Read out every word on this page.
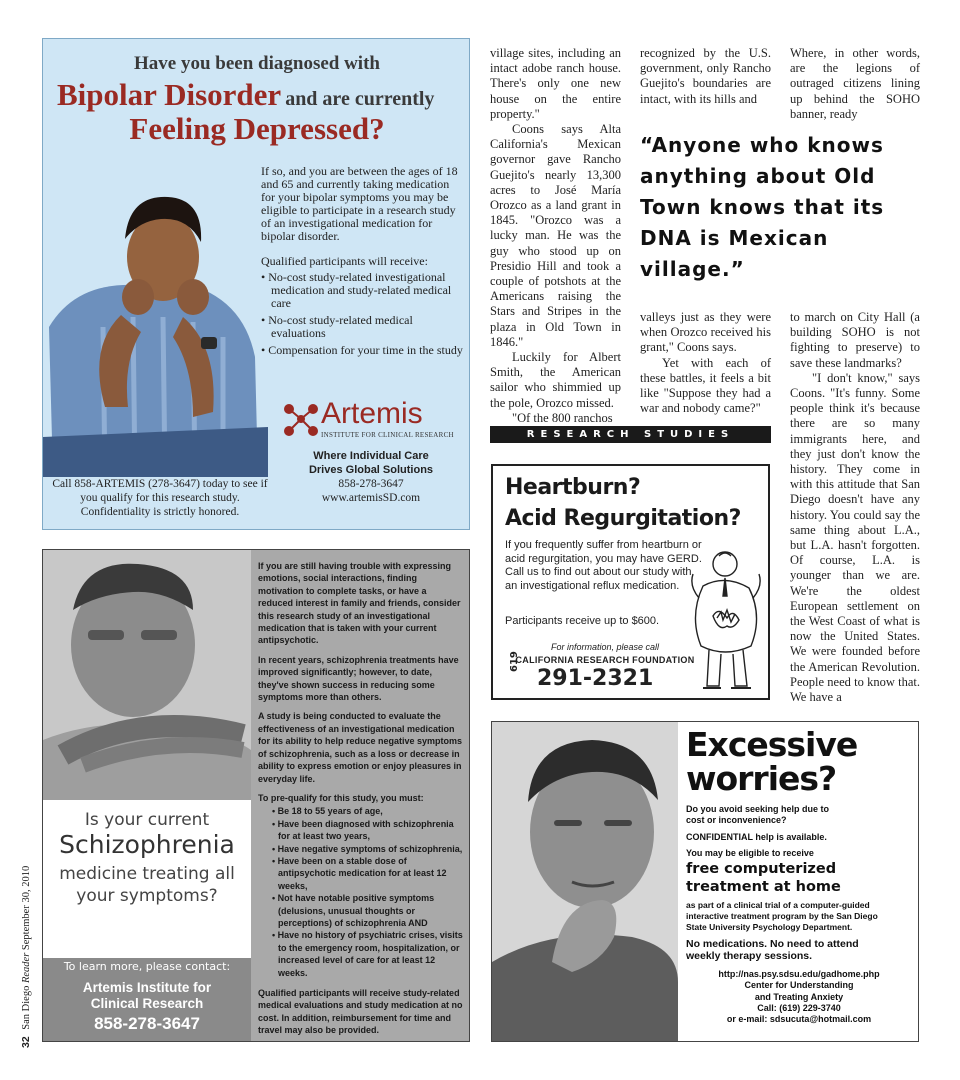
32 San Diego Reader September 30, 2010
Have you been diagnosed with
Bipolar Disorder and are currently
Feeling Depressed?

If so, and you are between the ages of 18 and 65 and currently taking medication for your bipolar symptoms you may be eligible to participate in a research study of an investigational medication for bipolar disorder.

Qualified participants will receive:

• No-cost study-related investigational medication and study-related medical care
• No-cost study-related medical evaluations
• Compensation for your time in the study
Artemis
INSTITUTE FOR CLINICAL RESEARCH
Where Individual Care
Drives Global Solutions
858-278-3647
www.artemisSD.com
Call 858-ARTEMIS (278-3647) today to see if you qualify for this research study. Confidentiality is strictly honored.

village sites, including an intact adobe ranch house. There's only one new house on the entire property."

Coons says Alta California's Mexican governor gave Rancho Guejito's nearly 13,300 acres to José María Orozco as a land grant in 1845. "Orozco was a lucky man. He was the guy who stood up on Presidio Hill and took a couple of potshots at the Americans raising the Stars and Stripes in the plaza in Old Town in 1846."

Luckily for Albert Smith, the American sailor who shimmied up the pole, Orozco missed.

"Of the 800 ranchos

recognized by the U.S. government, only Rancho Guejito's boundaries are intact, with its hills and

Where, in other words, are the legions of outraged citizens lining up behind the SOHO banner, ready

“Anyone who knows anything about Old Town knows that its DNA is Mexican village.”

valleys just as they were when Orozco received his grant," Coons says.

Yet with each of these battles, it feels a bit like "Suppose they had a war and nobody came?"

to march on City Hall (a building SOHO is not fighting to preserve) to save these landmarks?

"I don't know," says Coons. "It's funny. Some people think it's because there are so many immigrants here, and they just don't know the history. They come in with this attitude that San Diego doesn't have any history. You could say the same thing about L.A., but L.A. hasn't forgotten. Of course, L.A. is younger than we are. We're the oldest European settlement on the West Coast of what is now the United States. We were founded before the American Revolution. People need to know that. We have a

RESEARCH STUDIES
Is your current
Schizophrenia
medicine treating all
your symptoms?
To learn more, please contact:
Artemis Institute for
Clinical Research
858-278-3647

If you are still having trouble with expressing emotions, social interactions, finding motivation to complete tasks, or have a reduced interest in family and friends, consider this research study of an investigational medication that is taken with your current antipsychotic.

In recent years, schizophrenia treatments have improved significantly; however, to date, they've shown success in reducing some symptoms more than others.

A study is being conducted to evaluate the effectiveness of an investigational medication for its ability to help reduce negative symptoms of schizophrenia, such as a loss or decrease in ability to express emotion or enjoy pleasures in everyday life.

To pre-qualify for this study, you must:

• Be 18 to 55 years of age,
• Have been diagnosed with schizophrenia for at least two years,
• Have negative symptoms of schizophrenia,
• Have been on a stable dose of antipsychotic medication for at least 12 weeks,
• Not have notable positive symptoms (delusions, unusual thoughts or perceptions) of schizophrenia AND
• Have no history of psychiatric crises, visits to the emergency room, hospitalization, or increased level of care for at least 12 weeks.

Qualified participants will receive study-related medical evaluations and study medication at no cost. In addition, reimbursement for time and travel may also be provided.

Heartburn?
Acid Regurgitation?
If you frequently suffer from heartburn or acid regurgitation, you may have GERD. Call us to find out about our study with an investigational reflux medication.
Participants receive up to $600.
For information, please call
CALIFORNIA RESEARCH FOUNDATION
619
291-2321
Excessive
worries?
Do you avoid seeking help due to cost or inconvenience?
CONFIDENTIAL help is available.
You may be eligible to receive
free computerized
treatment at home
as part of a clinical trial of a computer-guided interactive treatment program by the San Diego State University Psychology Department.
No medications. No need to attend weekly therapy sessions.
http://nas.psy.sdsu.edu/gadhome.php
Center for Understanding
and Treating Anxiety
Call: (619) 229-3740
or e-mail: sdsucuta@hotmail.com
